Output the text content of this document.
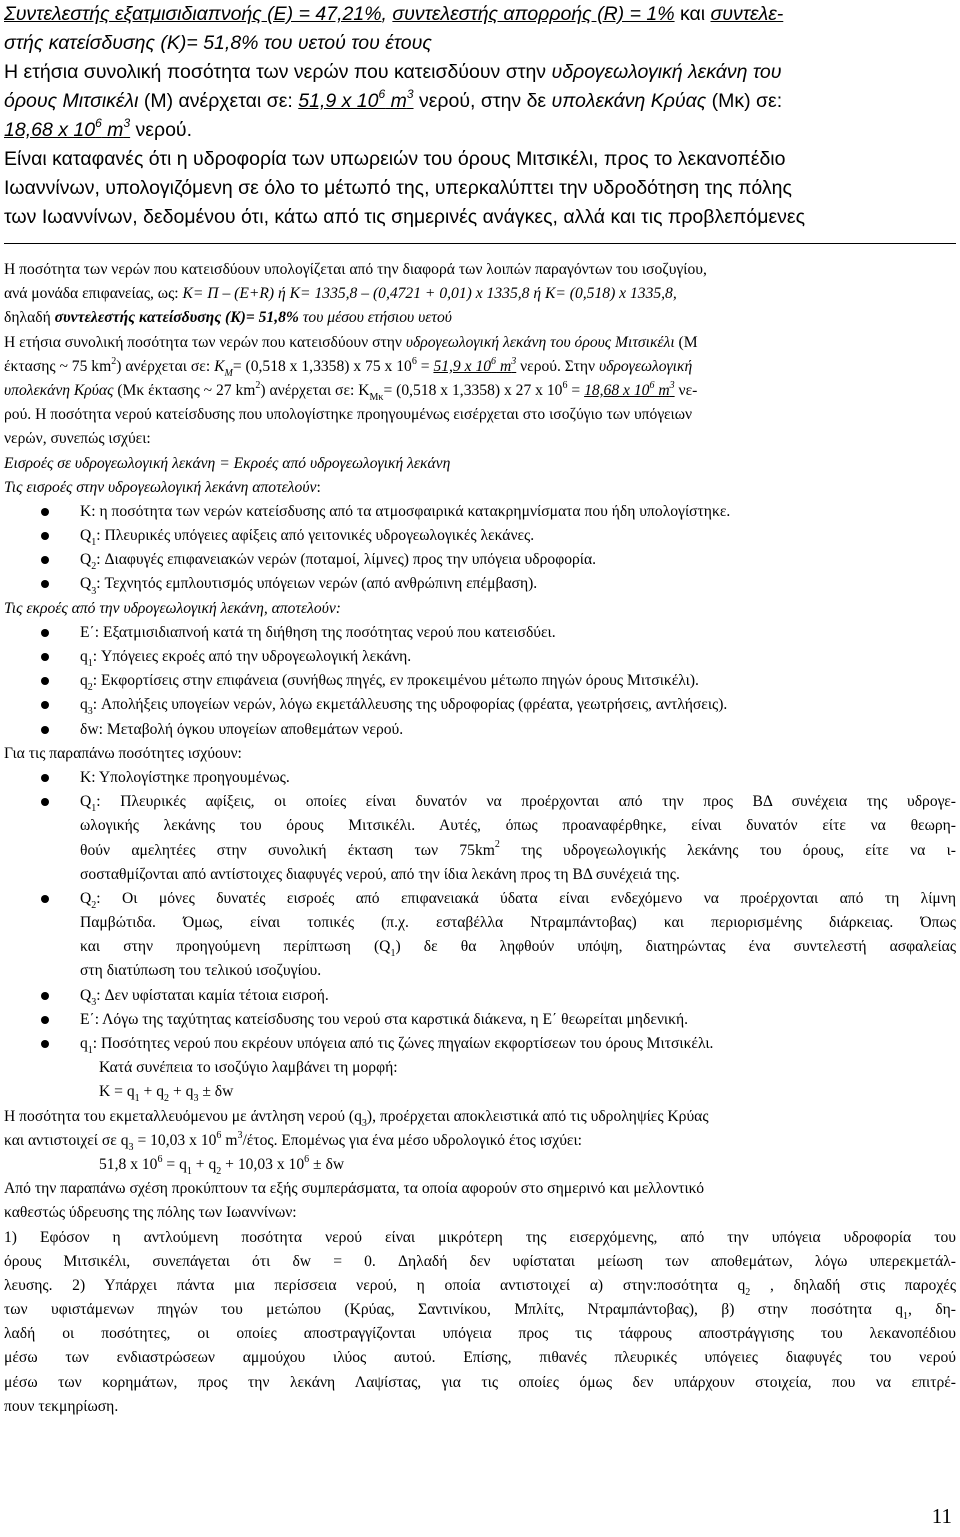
Συντελεστής εξατμισιδιαπνοής (Ε) = 47,21%, συντελεστής απορροής (R) = 1% και συντελε-
στής κατείσδυσης (Κ)= 51,8% του υετού του έτους
Η ετήσια συνολική ποσότητα των νερών που κατεισδύουν στην υδρογεωλογική λεκάνη του
όρους Μιτσικέλι (Μ) ανέρχεται σε: 51,9 x $10^6$ $m^3$ νερού, στην δε υπολεκάνη Κρύας (Μκ) σε:
18,68 x $10^6$ $m^3$ νερού.
Είναι καταφανές ότι η υδροφορία των υπωρειών του όρους Μιτσικέλι, προς το λεκανοπέδιο
Ιωαννίνων, υπολογιζόμενη σε όλο το μέτωπό της, υπερκαλύπτει την υδροδότηση της πόλης
των Ιωαννίνων, δεδομένου ότι, κάτω από τις σημερινές ανάγκες, αλλά και τις προβλεπόμενες
Η ποσότητα των νερών που κατεισδύουν υπολογίζεται από την διαφορά των λοιπών παραγόντων του ισοζυγίου,
ανά μονάδα επιφανείας, ως: Κ= Π – (Ε+R) ή Κ= 1335,8 – (0,4721 + 0,01) x 1335,8 ή Κ= (0,518) x 1335,8,
δηλαδή συντελεστής κατείσδυσης (Κ)= 51,8% του μέσου ετήσιου υετού
Η ετήσια συνολική ποσότητα των νερών που κατεισδύουν στην υδρογεωλογική λεκάνη του όρους Μιτσικέλι (Μ
έκτασης ~ 75 $km^2$) ανέρχεται σε: $K_M= (0,518$ x 1,3358) x 75 x $10^6 = 51,9$ x $10^6$ $m^3$ νερού. Στην υδρογεωλογική
υπολεκάνη Κρύας (Μκ έκτασης ~ 27 $km^2$) ανέρχεται σε: $K_{M\kappa}= (0,518$ x 1,3358) x 27 x $10^6 = 18,68$ x $10^6$ $m^3$ νε-
ρού. Η ποσότητα νερού κατείσδυσης που υπολογίστηκε προηγουμένως εισέρχεται στο ισοζύγιο των υπόγειων
νερών, συνεπώς ισχύει:
Εισροές σε υδρογεωλογική λεκάνη = Εκροές από υδρογεωλογική λεκάνη
Τις εισροές στην υδρογεωλογική λεκάνη αποτελούν:
Κ: η ποσότητα των νερών κατείσδυσης από τα ατμοσφαιρικά κατακρημνίσματα που ήδη υπολογίστηκε.
$Q_1$: Πλευρικές υπόγειες αφίξεις από γειτονικές υδρογεωλογικές λεκάνες.
$Q_2$: Διαφυγές επιφανειακών νερών (ποταμοί, λίμνες) προς την υπόγεια υδροφορία.
$Q_3$: Τεχνητός εμπλουτισμός υπόγειων νερών (από ανθρώπινη επέμβαση).
Τις εκροές από την υδρογεωλογική λεκάνη, αποτελούν:
Ε΄: Εξατμισιδιαπνοή κατά τη διήθηση της ποσότητας νερού που κατεισδύει.
$q_1$: Υπόγειες εκροές από την υδρογεωλογική λεκάνη.
$q_2$: Εκφορτίσεις στην επιφάνεια (συνήθως πηγές, εν προκειμένου μέτωπο πηγών όρους Μιτσικέλι).
$q_3$: Απολήξεις υπογείων νερών, λόγω εκμετάλλευσης της υδροφορίας (φρέατα, γεωτρήσεις, αντλήσεις).
δw: Μεταβολή όγκου υπογείων αποθεμάτων νερού.
Για τις παραπάνω ποσότητες ισχύουν:
Κ: Υπολογίστηκε προηγουμένως.
$Q_1$: Πλευρικές αφίξεις, οι οποίες είναι δυνατόν να προέρχονται από την προς ΒΔ συνέχεια της υδρογε-
ωλογικής λεκάνης του όρους Μιτσικέλι. Αυτές, όπως προαναφέρθηκε, είναι δυνατόν είτε να θεωρη-
θούν αμελητέες στην συνολική έκταση των $75km^2$ της υδρογεωλογικής λεκάνης του όρους, είτε να ι-
σοσταθμίζονται από αντίστοιχες διαφυγές νερού, από την ίδια λεκάνη προς τη ΒΔ συνέχειά της.
$Q_2$: Οι μόνες δυνατές εισροές από επιφανειακά ύδατα είναι ενδεχόμενο να προέρχονται από τη λίμνη
Παμβώτιδα. Όμως, είναι τοπικές (π.χ. εσταβέλλα Ντραμπάντοβας) και περιορισμένης διάρκειας. Όπως
και στην προηγούμενη περίπτωση $(Q_1)$ δε θα ληφθούν υπόψη, διατηρώντας ένα συντελεστή ασφαλείας
στη διατύπωση του τελικού ισοζυγίου.
$Q_3$: Δεν υφίσταται καμία τέτοια εισροή.
Ε΄: Λόγω της ταχύτητας κατείσδυσης του νερού στα καρστικά διάκενα, η Ε΄ θεωρείται μηδενική.
$q_1$: Ποσότητες νερού που εκρέουν υπόγεια από τις ζώνες πηγαίων εκφορτίσεων του όρους Μιτσικέλι.
Κατά συνέπεια το ισοζύγιο λαμβάνει τη μορφή:
$K = q_1 + q_2 + q_3 \pm \delta w$
Η ποσότητα του εκμεταλλευόμενου με άντληση νερού $(q_3)$, προέρχεται αποκλειστικά από τις υδροληψίες Κρύας
και αντιστοιχεί σε $q_3 = 10,03$ x $10^6$ $m^3$/έτος. Επομένως για ένα μέσο υδρολογικό έτος ισχύει:
51,8 x $10^6 = q_1 + q_2 + 10,03$ x $10^6 \pm \delta w$
Από την παραπάνω σχέση προκύπτουν τα εξής συμπεράσματα, τα οποία αφορούν στο σημερινό και μελλοντικό
καθεστώς ύδρευσης της πόλης των Ιωαννίνων:
1) Εφόσον η αντλούμενη ποσότητα νερού είναι μικρότερη της εισερχόμενης, από την υπόγεια υδροφορία του
όρους Μιτσικέλι, συνεπάγεται ότι δw = 0. Δηλαδή δεν υφίσταται μείωση των αποθεμάτων, λόγω υπερεκμετάλ-
λευσης. 2) Υπάρχει πάντα μια περίσσεια νερού, η οποία αντιστοιχεί α) στην:ποσότητα $q_2$ , δηλαδή στις παροχές
των υφιστάμενων πηγών του μετώπου (Κρύας, Σαντινίκου, Μπλίτς, Ντραμπάντοβας), β) στην ποσότητα $q_1$, δη-
λαδή οι ποσότητες, οι οποίες αποστραγγίζονται υπόγεια προς τις τάφρους αποστράγγισης του λεκανοπέδιου
μέσω των ενδιαστρώσεων αμμούχου ιλύος αυτού. Επίσης, πιθανές πλευρικές υπόγειες διαφυγές του νερού
μέσω των κορημάτων, προς την λεκάνη Λαψίστας, για τις οποίες όμως δεν υπάρχουν στοιχεία, που να επιτρέ-
πουν τεκμηρίωση.
11
